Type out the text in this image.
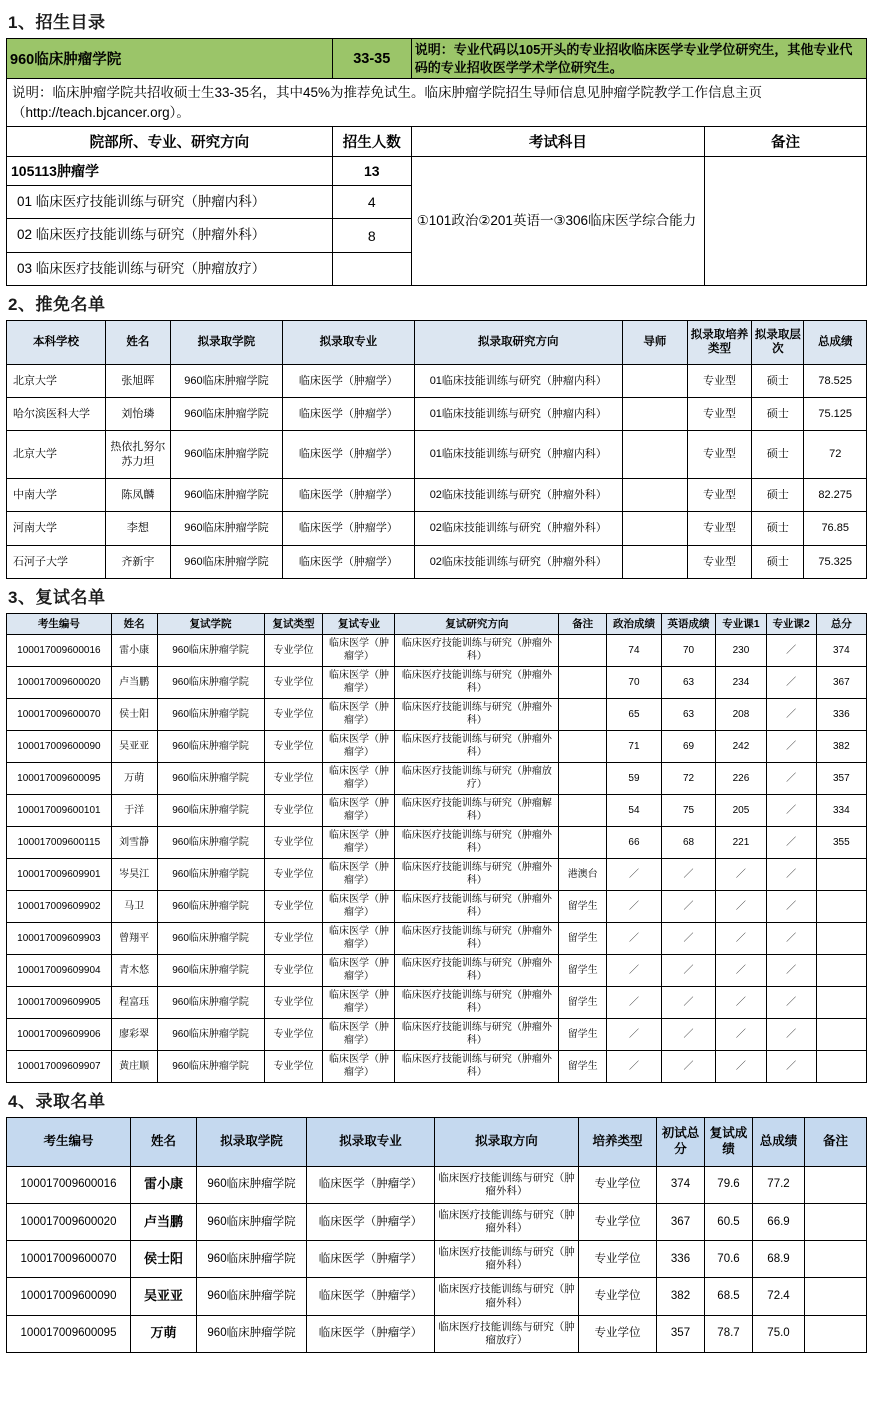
1、招生目录
960临床肿瘤学院	33-35	说明：专业代码以105开头的专业招收临床医学专业学位研究生，其他专业代码的专业招收医学学术学位研究生。	
说明：临床肿瘤学院共招收硕士生33-35名，其中45%为推荐免试生。临床肿瘤学院招生导师信息见肿瘤学院教学工作信息主页（http://teach.bjcancer.org）。			
院部所、专业、研究方向	招生人数	考试科目	备注
105113肿瘤学	13	①101政治②201英语一③306临床医学综合能力	
01 临床医疗技能训练与研究（肿瘤内科）	4		
02 临床医疗技能训练与研究（肿瘤外科）	8		
03 临床医疗技能训练与研究（肿瘤放疗）			
2、推免名单
本科学校	姓名	拟录取学院	拟录取专业	拟录取研究方向	导师	拟录取培养类型	拟录取层次	总成绩
北京大学	张旭晖	960临床肿瘤学院	临床医学（肿瘤学）	01临床技能训练与研究（肿瘤内科）		专业型	硕士	78.525
哈尔滨医科大学	刘怡璘	960临床肿瘤学院	临床医学（肿瘤学）	01临床技能训练与研究（肿瘤内科）		专业型	硕士	75.125
北京大学	热依扎努尔苏力坦	960临床肿瘤学院	临床医学（肿瘤学）	01临床技能训练与研究（肿瘤内科）		专业型	硕士	72
中南大学	陈凤麟	960临床肿瘤学院	临床医学（肿瘤学）	02临床技能训练与研究（肿瘤外科）		专业型	硕士	82.275
河南大学	李想	960临床肿瘤学院	临床医学（肿瘤学）	02临床技能训练与研究（肿瘤外科）		专业型	硕士	76.85
石河子大学	齐新宇	960临床肿瘤学院	临床医学（肿瘤学）	02临床技能训练与研究（肿瘤外科）		专业型	硕士	75.325
3、复试名单
考生编号	姓名	复试学院	复试类型	复试专业	复试研究方向	备注	政治成绩	英语成绩	专业课1	专业课2	总分
100017009600016	雷小康	960临床肿瘤学院	专业学位	临床医学（肿瘤学）	临床医疗技能训练与研究（肿瘤外科）		74	70	230	／	374
100017009600020	卢当鹏	960临床肿瘤学院	专业学位	临床医学（肿瘤学）	临床医疗技能训练与研究（肿瘤外科）		70	63	234	／	367
100017009600070	侯士阳	960临床肿瘤学院	专业学位	临床医学（肿瘤学）	临床医疗技能训练与研究（肿瘤外科）		65	63	208	／	336
100017009600090	吴亚亚	960临床肿瘤学院	专业学位	临床医学（肿瘤学）	临床医疗技能训练与研究（肿瘤外科）		71	69	242	／	382
100017009600095	万萌	960临床肿瘤学院	专业学位	临床医学（肿瘤学）	临床医疗技能训练与研究（肿瘤放疗）		59	72	226	／	357
100017009600101	于洋	960临床肿瘤学院	专业学位	临床医学（肿瘤学）	临床医疗技能训练与研究（肿瘤解科）		54	75	205	／	334
100017009600115	刘雪静	960临床肿瘤学院	专业学位	临床医学（肿瘤学）	临床医疗技能训练与研究（肿瘤外科）		66	68	221	／	355
100017009609901	岑昊江	960临床肿瘤学院	专业学位	临床医学（肿瘤学）	临床医疗技能训练与研究（肿瘤外科）	港澳台	／	／	／	／	
100017009609902	马卫	960临床肿瘤学院	专业学位	临床医学（肿瘤学）	临床医疗技能训练与研究（肿瘤外科）	留学生	／	／	／	／	
100017009609903	曾翔平	960临床肿瘤学院	专业学位	临床医学（肿瘤学）	临床医疗技能训练与研究（肿瘤外科）	留学生	／	／	／	／	
100017009609904	青木悠	960临床肿瘤学院	专业学位	临床医学（肿瘤学）	临床医疗技能训练与研究（肿瘤外科）	留学生	／	／	／	／	
100017009609905	程富珏	960临床肿瘤学院	专业学位	临床医学（肿瘤学）	临床医疗技能训练与研究（肿瘤外科）	留学生	／	／	／	／	
100017009609906	廖彩翠	960临床肿瘤学院	专业学位	临床医学（肿瘤学）	临床医疗技能训练与研究（肿瘤外科）	留学生	／	／	／	／	
100017009609907	黄庄顺	960临床肿瘤学院	专业学位	临床医学（肿瘤学）	临床医疗技能训练与研究（肿瘤外科）	留学生	／	／	／	／	
4、录取名单
考生编号	姓名	拟录取学院	拟录取专业	拟录取方向	培养类型	初试总分	复试成绩	总成绩	备注
100017009600016	雷小康	960临床肿瘤学院	临床医学（肿瘤学）	临床医疗技能训练与研究（肿瘤外科）	专业学位	374	79.6	77.2	
100017009600020	卢当鹏	960临床肿瘤学院	临床医学（肿瘤学）	临床医疗技能训练与研究（肿瘤外科）	专业学位	367	60.5	66.9	
100017009600070	侯士阳	960临床肿瘤学院	临床医学（肿瘤学）	临床医疗技能训练与研究（肿瘤外科）	专业学位	336	70.6	68.9	
100017009600090	吴亚亚	960临床肿瘤学院	临床医学（肿瘤学）	临床医疗技能训练与研究（肿瘤外科）	专业学位	382	68.5	72.4	
100017009600095	万萌	960临床肿瘤学院	临床医学（肿瘤学）	临床医疗技能训练与研究（肿瘤放疗）	专业学位	357	78.7	75.0	
